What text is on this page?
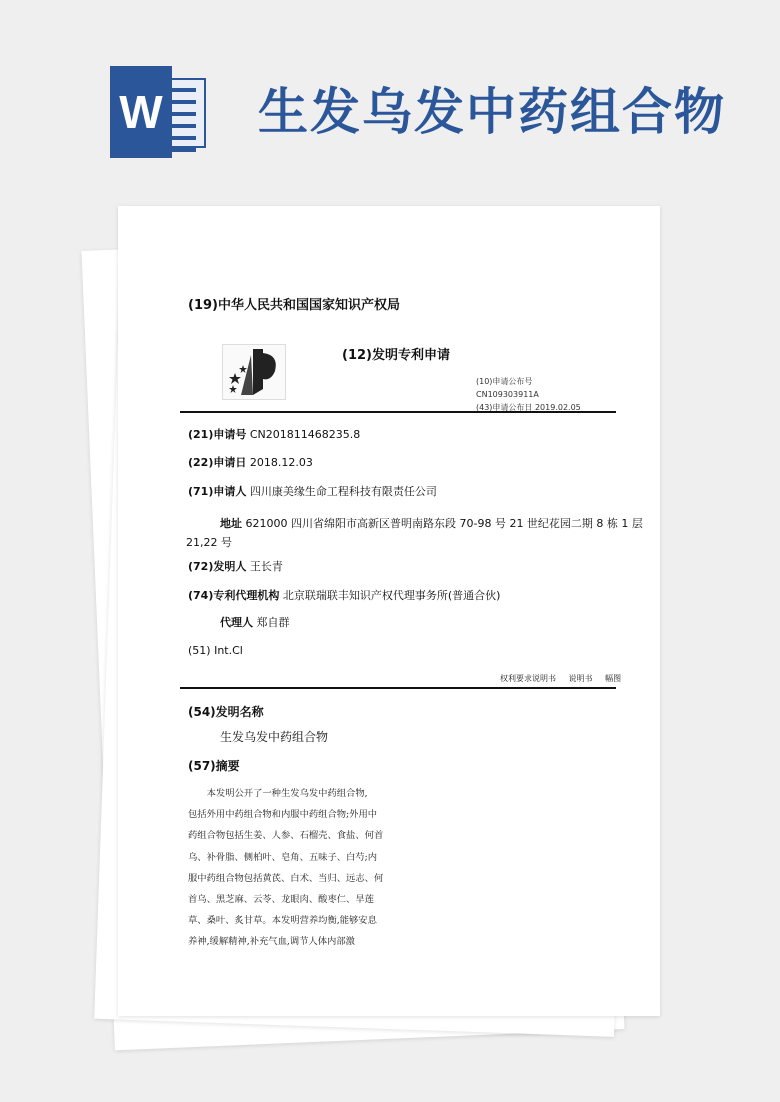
W 生发乌发中药组合物
(19)中华人民共和国国家知识产权局
(12)发明专利申请
(10)申请公布号
CN109303911A
(43)申请公布日 2019.02.05
(21)申请号 CN201811468235.8
(22)申请日 2018.12.03
(71)申请人 四川康美缘生命工程科技有限责任公司
地址 621000 四川省绵阳市高新区普明南路东段 70-98 号 21 世纪花园二期 8 栋 1 层
21,22 号
(72)发明人 王长青
(74)专利代理机构 北京联瑞联丰知识产权代理事务所(普通合伙)
代理人 郑自群
(51) Int.Cl
权利要求说明书 说明书 幅图
(54)发明名称
生发乌发中药组合物
(57)摘要
本发明公开了一种生发乌发中药组合物,
包括外用中药组合物和内服中药组合物;外用中
药组合物包括生姜、人参、石榴壳、食盐、何首
乌、补骨脂、侧柏叶、皂角、五味子、白芍;内
服中药组合物包括黄芪、白术、当归、远志、何
首乌、黑芝麻、云苓、龙眼肉、酸枣仁、旱莲
草、桑叶、炙甘草。本发明营养均衡,能够安息
养神,缓解精神,补充气血,调节人体内部激
